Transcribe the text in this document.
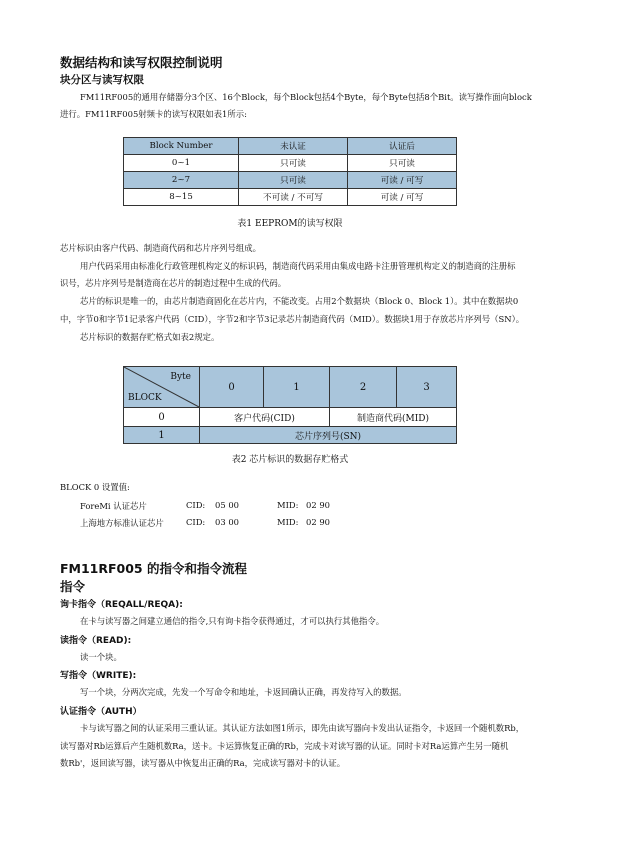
数据结构和读写权限控制说明
块分区与读写权限
FM11RF005的通用存储器分3个区、16个Block，每个Block包括4个Byte，每个Byte包括8个Bit。读写操作面向block
进行。FM11RF005射频卡的读写权限如表1所示:
Block Number	未认证	认证后
0~1	只可读	只可读
2~7	只可读	可读 / 可写
8~15	不可读 / 不可写	可读 / 可写
表1 EEPROM的读写权限
芯片标识由客户代码、制造商代码和芯片序列号组成。
用户代码采用由标准化行政管理机构定义的标识码，制造商代码采用由集成电路卡注册管理机构定义的制造商的注册标
识号，芯片序列号是制造商在芯片的制造过程中生成的代码。
芯片的标识是唯一的，由芯片制造商固化在芯片内，不能改变。占用2个数据块（Block 0、Block 1）。其中在数据块0
中，字节0和字节1记录客户代码（CID），字节2和字节3记录芯片制造商代码（MID）。数据块1用于存放芯片序列号（SN）。
芯片标识的数据存贮格式如表2规定。
Byte
BLOCK	0	1	2	3
0	客户代码(CID)		制造商代码(MID)	
1	芯片序列号(SN)			
表2 芯片标识的数据存贮格式
BLOCK 0 设置值:
ForeMi 认证芯片	CID: 05 00	MID: 02 90
上海地方标准认证芯片	CID: 03 00	MID: 02 90
FM11RF005 的指令和指令流程
指令
询卡指令（REQALL/REQA):
在卡与读写器之间建立通信的指令,只有询卡指令获得通过，才可以执行其他指令。
读指令（READ):
读一个块。
写指令（WRITE):
写一个块，分两次完成，先发一个写命令和地址，卡返回确认正确，再发待写入的数据。
认证指令（AUTH）
卡与读写器之间的认证采用三重认证。其认证方法如图1所示，即先由读写器向卡发出认证指令，卡返回一个随机数Rb，
读写器对Rb运算后产生随机数Ra，送卡。卡运算恢复正确的Rb，完成卡对读写器的认证。同时卡对Ra运算产生另一随机
数Rb'，返回读写器，读写器从中恢复出正确的Ra，完成读写器对卡的认证。
